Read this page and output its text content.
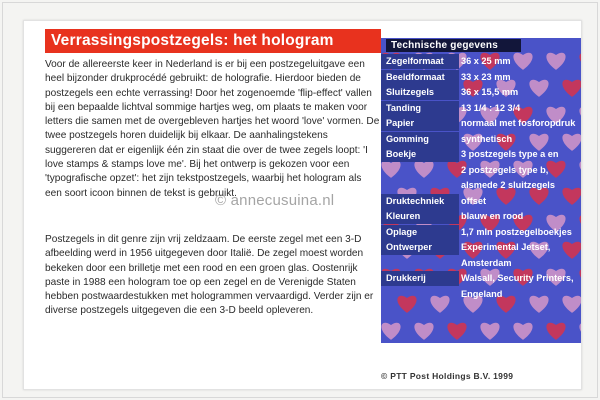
Verrassingspostzegels: het hologram

Voor de allereerste keer in Nederland is er bij een postzegeluitgave een heel bijzonder drukprocédé gebruikt: de holografie. Hierdoor bieden de postzegels een echte verrassing! Door het zogenoemde 'flip-effect' vallen bij een bepaalde lichtval sommige hartjes weg, om plaats te maken voor letters die samen met de overgebleven hartjes het woord 'love' vormen. De twee postzegels horen duidelijk bij elkaar. De aanhalingstekens suggereren dat er eigenlijk één zin staat die over de twee zegels loopt: 'I love stamps & stamps love me'. Bij het ontwerp is gekozen voor een 'typografische opzet': het zijn tekstpostzegels, waarbij het hologram als een soort icoon binnen de tekst is gebruikt.

Postzegels in dit genre zijn vrij zeldzaam. De eerste zegel met een 3-D afbeelding werd in 1956 uitgegeven door Italië. De zegel moest worden bekeken door een brilletje met een rood en een groen glas. Oostenrijk paste in 1988 een hologram toe op een zegel en de Verenigde Staten hebben postwaardestukken met hologrammen vervaardigd. Verder zijn er diverse postzegels uitgegeven die een 3-D beeld opleveren.

Technische gegevens
Zegelformaat	36 x 25 mm
Beeldformaat	33 x 23 mm
Sluitzegels	36 x 15,5 mm
Tanding	13 1/4 : 12 3/4
Papier	normaal met fosforopdruk
Gomming	synthetisch
Boekje	3 postzegels type a en
2 postzegels type b,
alsmede 2 sluitzegels
Druktechniek	offset
Kleuren	blauw en rood
Oplage	1,7 mln postzegelboekjes
Ontwerper	Experimental Jetset,
Amsterdam
Drukkerij	Walsall, Security Printers,
Engeland
© annecusuina.nl
© PTT Post Holdings B.V. 1999
